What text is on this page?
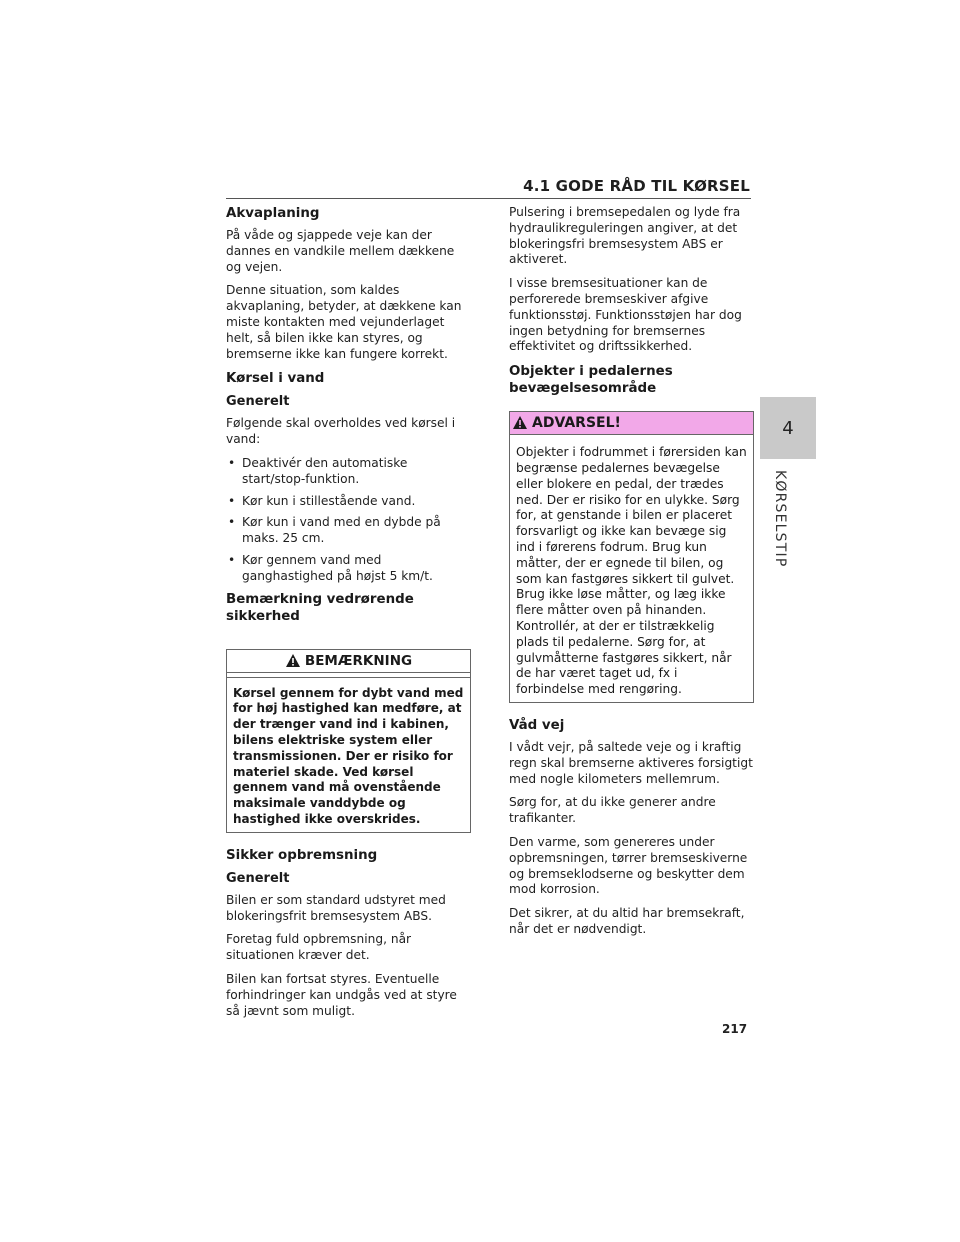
4.1 GODE RÅD TIL KØRSEL
4
KØRSELSTIP
Akvaplaning

På våde og sjappede veje kan der dannes en vandkile mellem dækkene og vejen.

Denne situation, som kaldes akvaplaning, betyder, at dækkene kan miste kontakten med vejunderlaget helt, så bilen ikke kan styres, og bremserne ikke kan fungere korrekt.

Kørsel i vand
Generelt

Følgende skal overholdes ved kørsel i vand:

• Deaktivér den automatiske start/stop-funktion.
• Kør kun i stillestående vand.
• Kør kun i vand med en dybde på maks. 25 cm.
• Kør gennem vand med ganghastighed på højst 5 km/t.
Bemærkning vedrørende sikkerhed
BEMÆRKNING
Kørsel gennem for dybt vand med for høj hastighed kan medføre, at der trænger vand ind i kabinen, bilens elektriske system eller transmissionen. Der er risiko for materiel skade. Ved kørsel gennem vand må ovenstående maksimale vanddybde og hastighed ikke overskrides.
Sikker opbremsning
Generelt

Bilen er som standard udstyret med blokeringsfrit bremsesystem ABS.

Foretag fuld opbremsning, når situationen kræver det.

Bilen kan fortsat styres. Eventuelle forhindringer kan undgås ved at styre så jævnt som muligt.

Pulsering i bremsepedalen og lyde fra hydraulikreguleringen angiver, at det blokeringsfri bremsesystem ABS er aktiveret.

I visse bremsesituationer kan de perforerede bremseskiver afgive funktionsstøj. Funktionsstøjen har dog ingen betydning for bremsernes effektivitet og driftssikkerhed.

Objekter i pedalernes bevægelsesområde
ADVARSEL!
Objekter i fodrummet i førersiden kan begrænse pedalernes bevægelse eller blokere en pedal, der trædes ned. Der er risiko for en ulykke. Sørg for, at genstande i bilen er placeret forsvarligt og ikke kan bevæge sig ind i førerens fodrum. Brug kun måtter, der er egnede til bilen, og som kan fastgøres sikkert til gulvet. Brug ikke løse måtter, og læg ikke flere måtter oven på hinanden. Kontrollér, at der er tilstrækkelig plads til pedalerne. Sørg for, at gulvmåtterne fastgøres sikkert, når de har været taget ud, fx i forbindelse med rengøring.
Våd vej

I vådt vejr, på saltede veje og i kraftig regn skal bremserne aktiveres forsigtigt med nogle kilometers mellemrum.

Sørg for, at du ikke generer andre trafikanter.

Den varme, som genereres under opbremsningen, tørrer bremseskiverne og bremseklodserne og beskytter dem mod korrosion.

Det sikrer, at du altid har bremsekraft, når det er nødvendigt.

217
